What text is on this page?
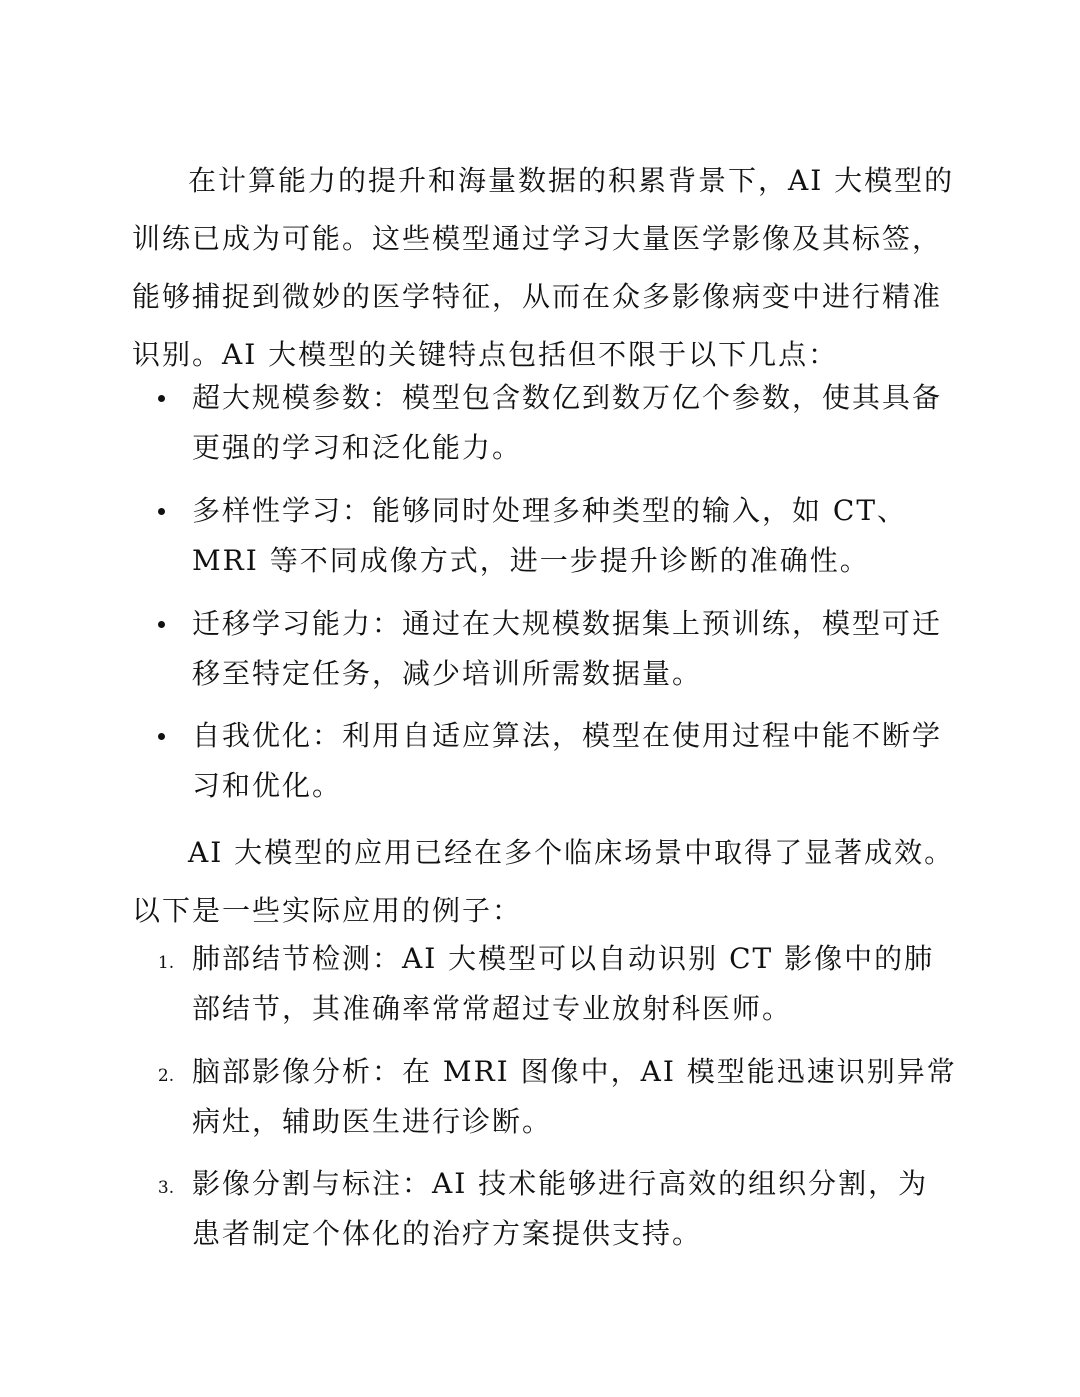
在计算能力的提升和海量数据的积累背景下，AI 大模型的训练已成为可能。这些模型通过学习大量医学影像及其标签，能够捕捉到微妙的医学特征，从而在众多影像病变中进行精准识别。AI 大模型的关键特点包括但不限于以下几点：

超大规模参数：模型包含数亿到数万亿个参数，使其具备更强的学习和泛化能力。

多样性学习：能够同时处理多种类型的输入，如 CT、MRI 等不同成像方式，进一步提升诊断的准确性。

迁移学习能力：通过在大规模数据集上预训练，模型可迁移至特定任务，减少培训所需数据量。

自我优化：利用自适应算法，模型在使用过程中能不断学习和优化。

AI 大模型的应用已经在多个临床场景中取得了显著成效。以下是一些实际应用的例子：

1. 肺部结节检测：AI 大模型可以自动识别 CT 影像中的肺部结节，其准确率常常超过专业放射科医师。

2. 脑部影像分析：在 MRI 图像中，AI 模型能迅速识别异常病灶，辅助医生进行诊断。

3. 影像分割与标注：AI 技术能够进行高效的组织分割，为患者制定个体化的治疗方案提供支持。
